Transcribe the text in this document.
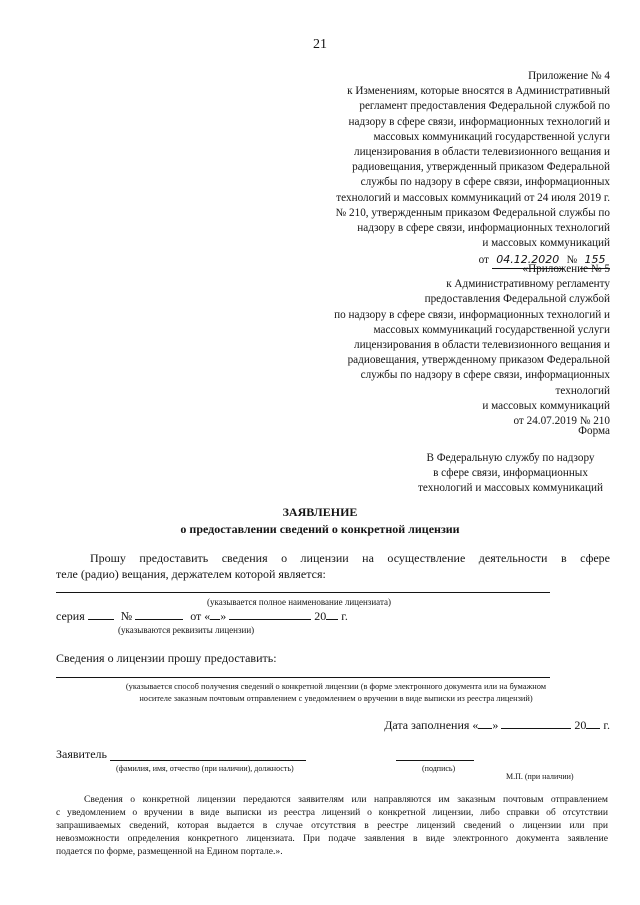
21
Приложение № 4
к Изменениям, которые вносятся в Административный
регламент предоставления Федеральной службой по
надзору в сфере связи, информационных технологий и
массовых коммуникаций государственной услуги
лицензирования в области телевизионного вещания и
радиовещания, утвержденный приказом Федеральной
службы по надзору в сфере связи, информационных
технологий и массовых коммуникаций от 24 июля 2019 г.
№ 210, утвержденным приказом Федеральной службы по
надзору в сфере связи, информационных технологий
и массовых коммуникаций
от 04.12.2020 № 155
«Приложение № 5
к Административному регламенту
предоставления Федеральной службой
по надзору в сфере связи, информационных технологий и
массовых коммуникаций государственной услуги
лицензирования в области телевизионного вещания и
радиовещания, утвержденному приказом Федеральной
службы по надзору в сфере связи, информационных
технологий
и массовых коммуникаций
от 24.07.2019 № 210
Форма
В Федеральную службу по надзору
в сфере связи, информационных
технологий и массовых коммуникаций
ЗАЯВЛЕНИЕ
о предоставлении сведений о конкретной лицензии
Прошу предоставить сведения о лицензии на осуществление деятельности в сфере
теле (радио) вещания, держателем которой является:
(указывается полное наименование лицензиата)
серия	№	от « »	20 г.
(указываются реквизиты лицензии)
Сведения о лицензии прошу предоставить:
(указывается способ получения сведений о конкретной лицензии (в форме электронного документа или на бумажном
носителе заказным почтовым отправлением с уведомлением о вручении в виде выписки из реестра лицензий)
Дата заполнения « »	20 г.
Заявитель
(фамилия, имя, отчество (при наличии), должность)	(подпись)
М.П. (при наличии)
Сведения о конкретной лицензии передаются заявителям или направляются им заказным почтовым отправлением
с уведомлением о вручении в виде выписки из реестра лицензий о конкретной лицензии, либо справки об отсутствии
запрашиваемых сведений, которая выдается в случае отсутствия в реестре лицензий сведений о лицензии или при
невозможности определения конкретного лицензиата. При подаче заявления в виде электронного документа заявление
подается по форме, размещенной на Едином портале.».
